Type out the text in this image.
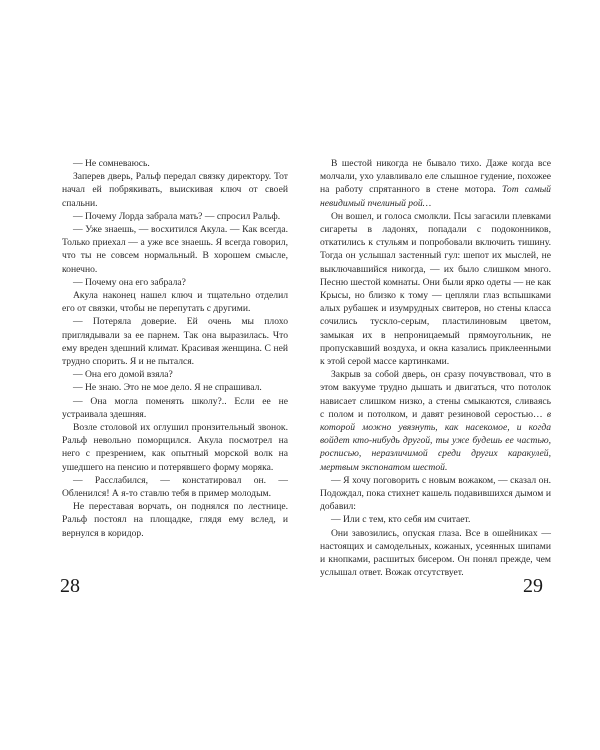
— Не сомневаюсь.

Заперев дверь, Ральф передал связку директору. Тот начал ей побрякивать, выискивая ключ от своей спальни.

— Почему Лорда забрала мать? — спросил Ральф.

— Уже знаешь, — восхитился Акула. — Как всегда. Только приехал — а уже все знаешь. Я всегда говорил, что ты не совсем нормальный. В хорошем смысле, конечно.

— Почему она его забрала?

Акула наконец нашел ключ и тщательно отделил его от связки, чтобы не перепутать с другими.

— Потеряла доверие. Ей очень мы плохо приглядывали за ее парнем. Так она выразилась. Что ему вреден здешний климат. Красивая женщина. С ней трудно спорить. Я и не пытался.

— Она его домой взяла?

— Не знаю. Это не мое дело. Я не спрашивал.

— Она могла поменять школу?.. Если ее не устраивала здешняя.

Возле столовой их оглушил пронзительный звонок. Ральф невольно поморщился. Акула посмотрел на него с презрением, как опытный морской волк на ушедшего на пенсию и потерявшего форму моряка.

— Расслабился, — констатировал он. — Обленился! А я-то ставлю тебя в пример молодым.

Не переставая ворчать, он поднялся по лестнице. Ральф постоял на площадке, глядя ему вслед, и вернулся в коридор.

В шестой никогда не бывало тихо. Даже когда все молчали, ухо улавливало еле слышное гудение, похожее на работу спрятанного в стене мотора. Тот самый невидимый пчелиный рой…

Он вошел, и голоса смолкли. Псы загасили плевками сигареты в ладонях, попадали с подоконников, откатились к стульям и попробовали включить тишину. Тогда он услышал застенный гул: шепот их мыслей, не выключавшийся никогда, — их было слишком много. Песню шестой комнаты. Они были ярко одеты — не как Крысы, но близко к тому — цепляли глаз вспышками алых рубашек и изумрудных свитеров, но стены класса сочились тускло-серым, пластилиновым цветом, замыкая их в непроницаемый прямоугольник, не пропускавший воздуха, и окна казались приклеенными к этой серой массе картинками.

Закрыв за собой дверь, он сразу почувствовал, что в этом вакууме трудно дышать и двигаться, что потолок нависает слишком низко, а стены смыкаются, сливаясь с полом и потолком, и давят резиновой серостью… в которой можно увязнуть, как насекомое, и когда войдет кто-нибудь другой, ты уже будешь ее частью, росписью, неразличимой среди других каракулей, мертвым экспонатом шестой.

— Я хочу поговорить с новым вожаком, — сказал он. Подождал, пока стихнет кашель подавившихся дымом и добавил:

— Или с тем, кто себя им считает.

Они завозились, опуская глаза. Все в ошейниках — настоящих и самодельных, кожаных, усеянных шипами и кнопками, расшитых бисером. Он понял прежде, чем услышал ответ. Вожак отсутствует.

28	29
